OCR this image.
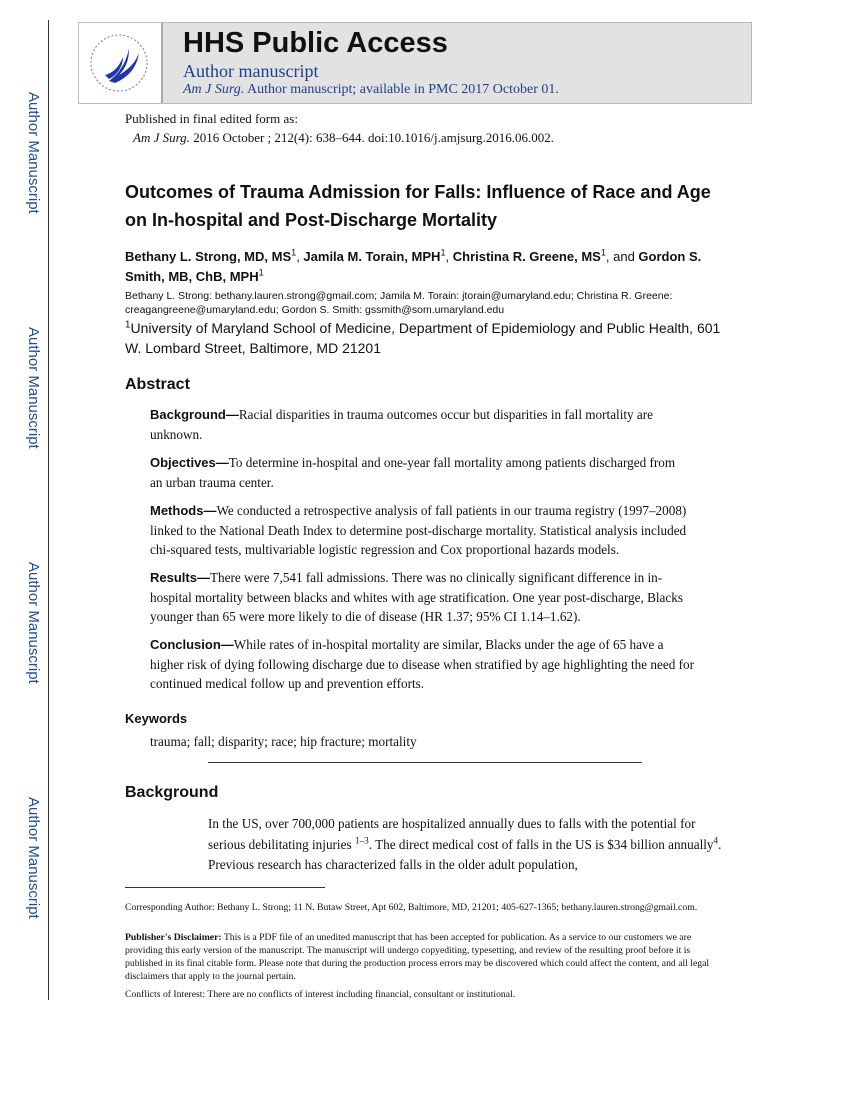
Author Manuscript
Author Manuscript
Author Manuscript
Author Manuscript
HHS Public Access
Author manuscript
Am J Surg. Author manuscript; available in PMC 2017 October 01.
Published in final edited form as:
Am J Surg. 2016 October ; 212(4): 638–644. doi:10.1016/j.amjsurg.2016.06.002.
Outcomes of Trauma Admission for Falls: Influence of Race and Age on In-hospital and Post-Discharge Mortality
Bethany L. Strong, MD, $MS^1$, Jamila M. Torain, MPH$^1$, Christina R. Greene, $MS^1$, and Gordon S. Smith, MB, ChB, MPH$^1$
Bethany L. Strong: bethany.lauren.strong@gmail.com; Jamila M. Torain: jtorain@umaryland.edu; Christina R. Greene: creagangreene@umaryland.edu; Gordon S. Smith: gssmith@som.umaryland.edu
$^1$University of Maryland School of Medicine, Department of Epidemiology and Public Health, 601 W. Lombard Street, Baltimore, MD 21201
Abstract
Background—Racial disparities in trauma outcomes occur but disparities in fall mortality are unknown.
Objectives—To determine in-hospital and one-year fall mortality among patients discharged from an urban trauma center.
Methods—We conducted a retrospective analysis of fall patients in our trauma registry (1997–2008) linked to the National Death Index to determine post-discharge mortality. Statistical analysis included chi-squared tests, multivariable logistic regression and Cox proportional hazards models.
Results—There were 7,541 fall admissions. There was no clinically significant difference in in-hospital mortality between blacks and whites with age stratification. One year post-discharge, Blacks younger than 65 were more likely to die of disease (HR 1.37; 95% CI 1.14–1.62).
Conclusion—While rates of in-hospital mortality are similar, Blacks under the age of 65 have a higher risk of dying following discharge due to disease when stratified by age highlighting the need for continued medical follow up and prevention efforts.
Keywords
trauma; fall; disparity; race; hip fracture; mortality
Background

In the US, over 700,000 patients are hospitalized annually dues to falls with the potential for serious debilitating injuries $^{1-3}$. The direct medical cost of falls in the US is $34 billion annually$^4$. Previous research has characterized falls in the older adult population,

Corresponding Author: Bethany L. Strong; 11 N. Butaw Street, Apt 602, Baltimore, MD, 21201; 405-627-1365; bethany.lauren.strong@gmail.com.
Publisher's Disclaimer: This is a PDF file of an unedited manuscript that has been accepted for publication. As a service to our customers we are providing this early version of the manuscript. The manuscript will undergo copyediting, typesetting, and review of the resulting proof before it is published in its final citable form. Please note that during the production process errors may be discovered which could affect the content, and all legal disclaimers that apply to the journal pertain.
Conflicts of Interest: There are no conflicts of interest including financial, consultant or institutional.
